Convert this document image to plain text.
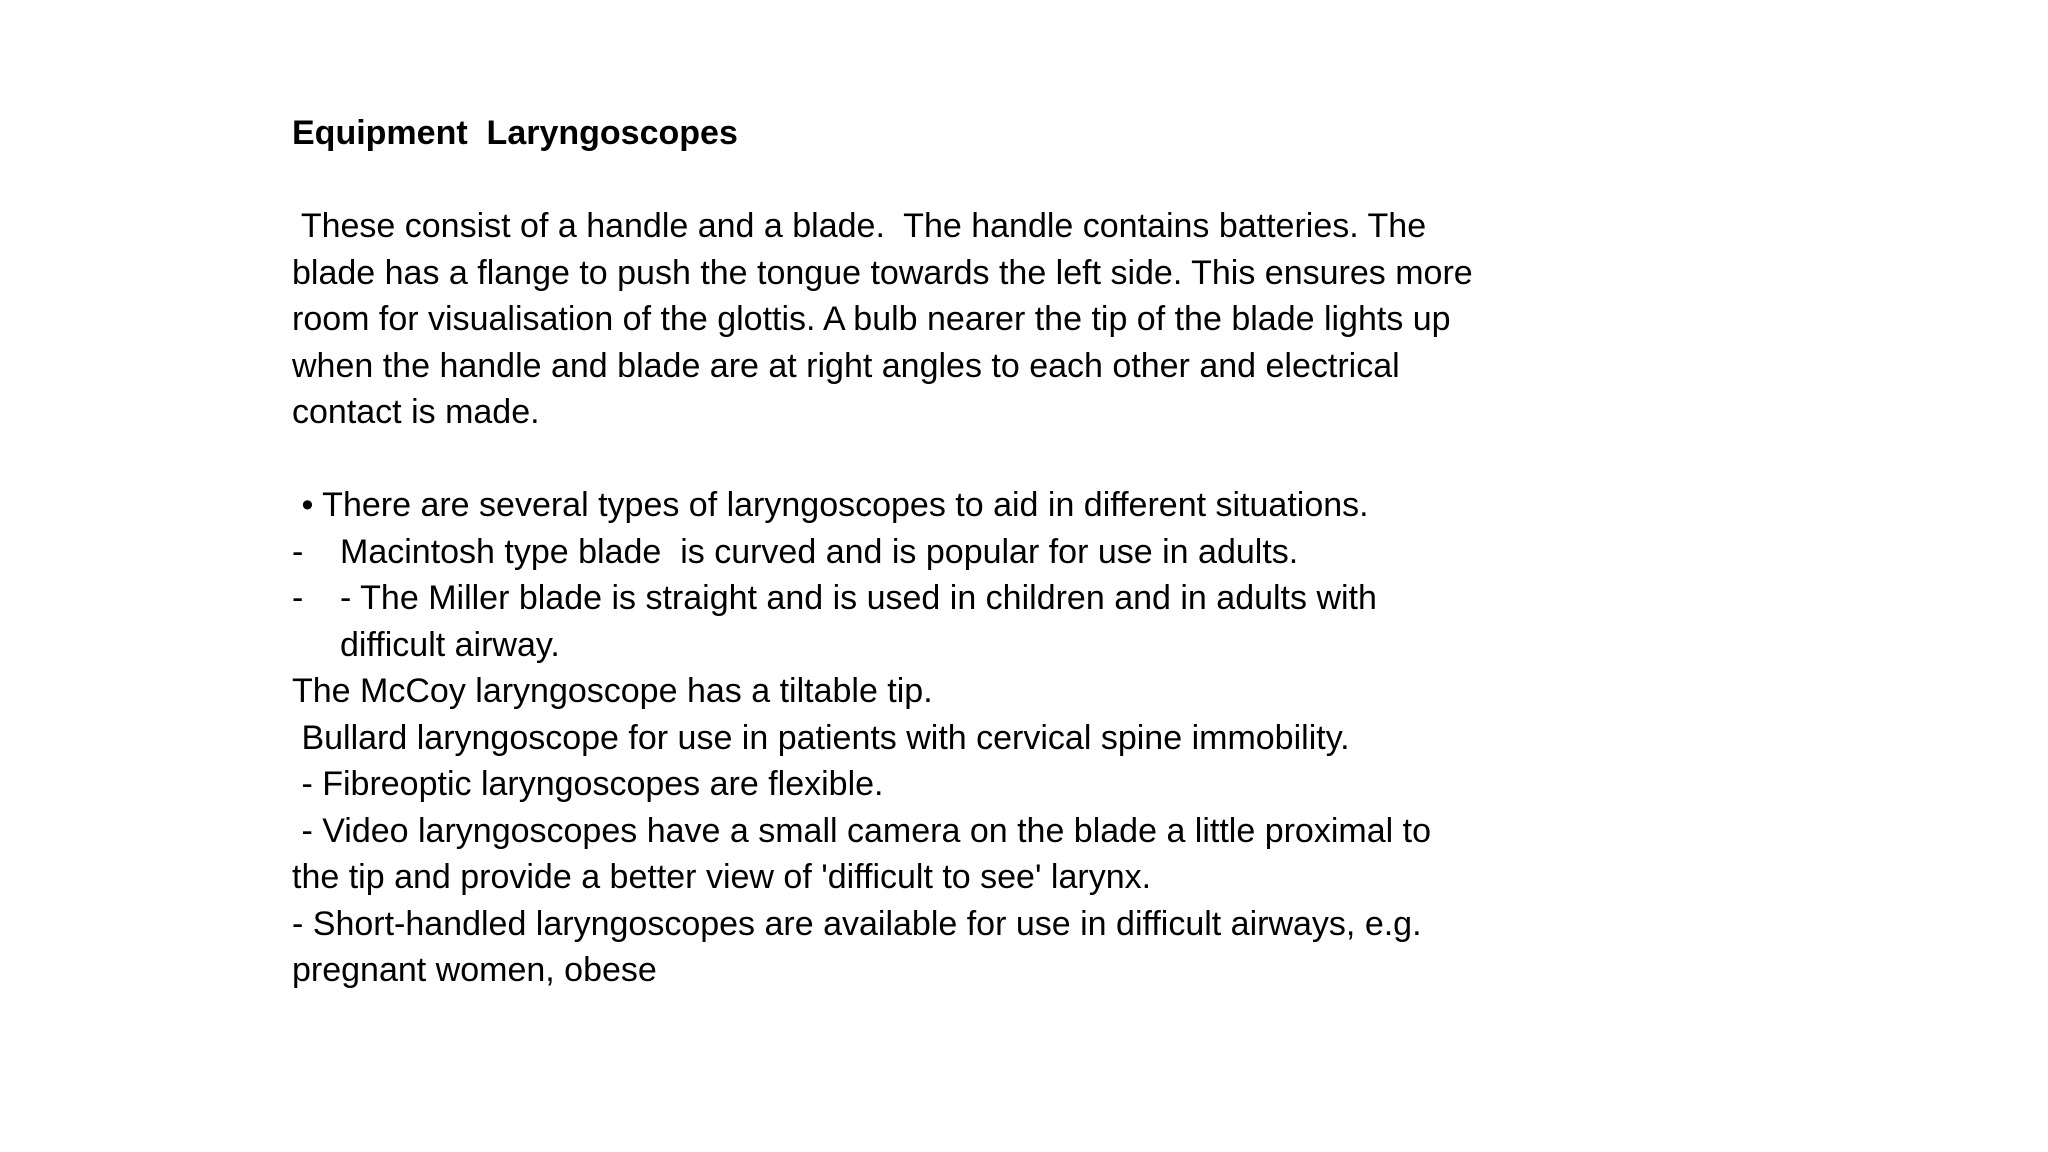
Equipment  Laryngoscopes
These consist of a handle and a blade.  The handle contains batteries. The
blade has a flange to push the tongue towards the left side. This ensures more
room for visualisation of the glottis. A bulb nearer the tip of the blade lights up
when the handle and blade are at right angles to each other and electrical
contact is made.
• There are several types of laryngoscopes to aid in different situations.
- Macintosh type blade  is curved and is popular for use in adults.
- - The Miller blade is straight and is used in children and in adults with
difficult airway.
The McCoy laryngoscope has a tiltable tip.
Bullard laryngoscope for use in patients with cervical spine immobility.
- Fibreoptic laryngoscopes are flexible.
- Video laryngoscopes have a small camera on the blade a little proximal to
the tip and provide a better view of 'difficult to see' larynx.
- Short-handled laryngoscopes are available for use in difficult airways, e.g.
pregnant women, obese
